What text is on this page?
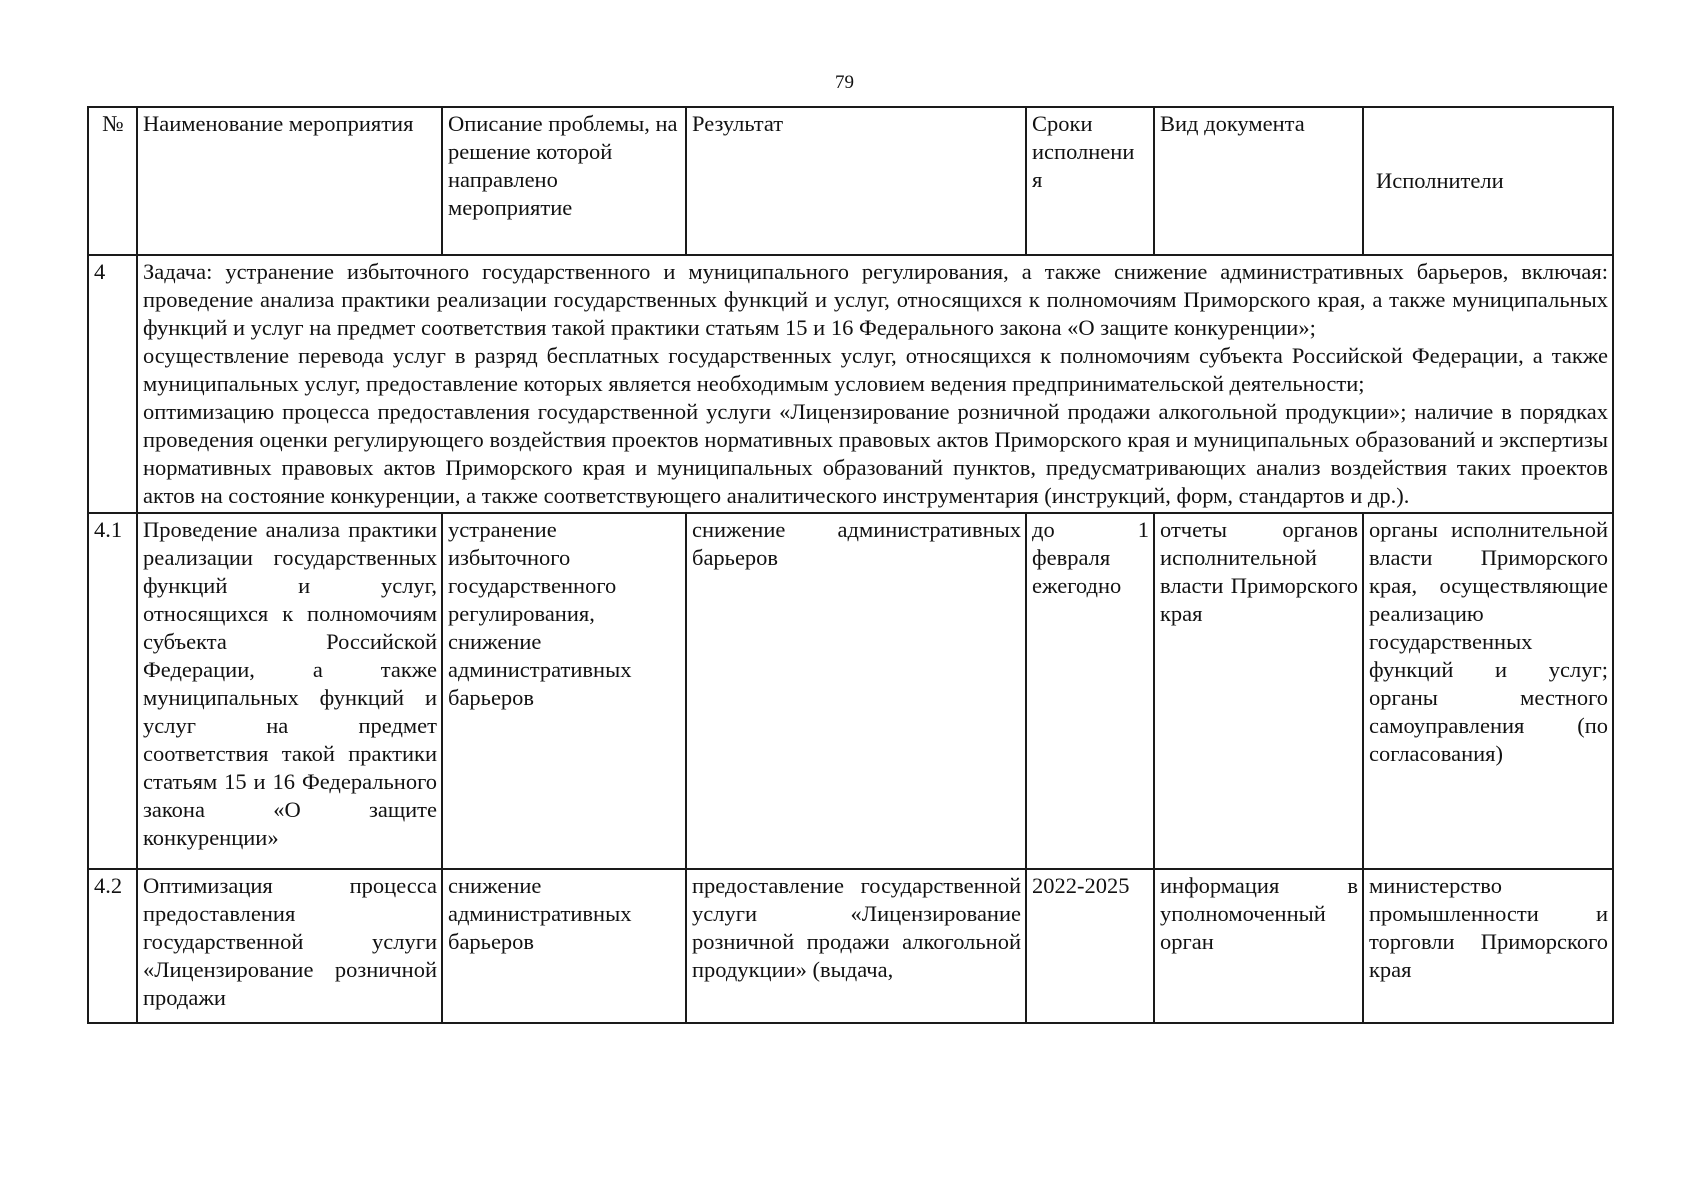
79
№	Наименование мероприятия	Описание проблемы, на решение которой направлено мероприятие	Результат	Сроки исполнени я	Вид документа	Исполнители
4	Задача: устранение избыточного государственного и муниципального регулирования, а также снижение административных барьеров, включая: проведение анализа практики реализации государственных функций и услуг, относящихся к полномочиям Приморского края, а также муниципальных функций и услуг на предмет соответствия такой практики статьям 15 и 16 Федерального закона «О защите конкуренции»;

осуществление перевода услуг в разряд бесплатных государственных услуг, относящихся к полномочиям субъекта Российской Федерации, а также муниципальных услуг, предоставление которых является необходимым условием ведения предпринимательской деятельности;

оптимизацию процесса предоставления государственной услуги «Лицензирование розничной продажи алкогольной продукции»; наличие в порядках проведения оценки регулирующего воздействия проектов нормативных правовых актов Приморского края и муниципальных образований и экспертизы нормативных правовых актов Приморского края и муниципальных образований пунктов, предусматривающих анализ воздействия таких проектов актов на состояние конкуренции, а также соответствующего аналитического инструментария (инструкций, форм, стандартов и др.).					

4.1	Проведение анализа практики реализации государственных функций и услуг, относящихся к полномочиям субъекта Российской Федерации, а также муниципальных функций и услуг на предмет соответствия такой практики статьям 15 и 16 Федерального закона «О защите конкуренции»	устранение избыточного государственного регулирования, снижение административных барьеров	снижение административных барьеров	до 1 февраля ежегодно	отчеты органов исполнительной власти Приморского края	органы исполнительной власти Приморского края, осуществляющие реализацию государственных функций и услуг; органы местного самоуправления (по согласования)
4.2	Оптимизация процесса предоставления государственной услуги «Лицензирование розничной продажи	снижение административных барьеров	предоставление государственной услуги «Лицензирование розничной продажи алкогольной продукции» (выдача,	2022-2025	информация в уполномоченный орган	министерство промышленности и торговли Приморского края
